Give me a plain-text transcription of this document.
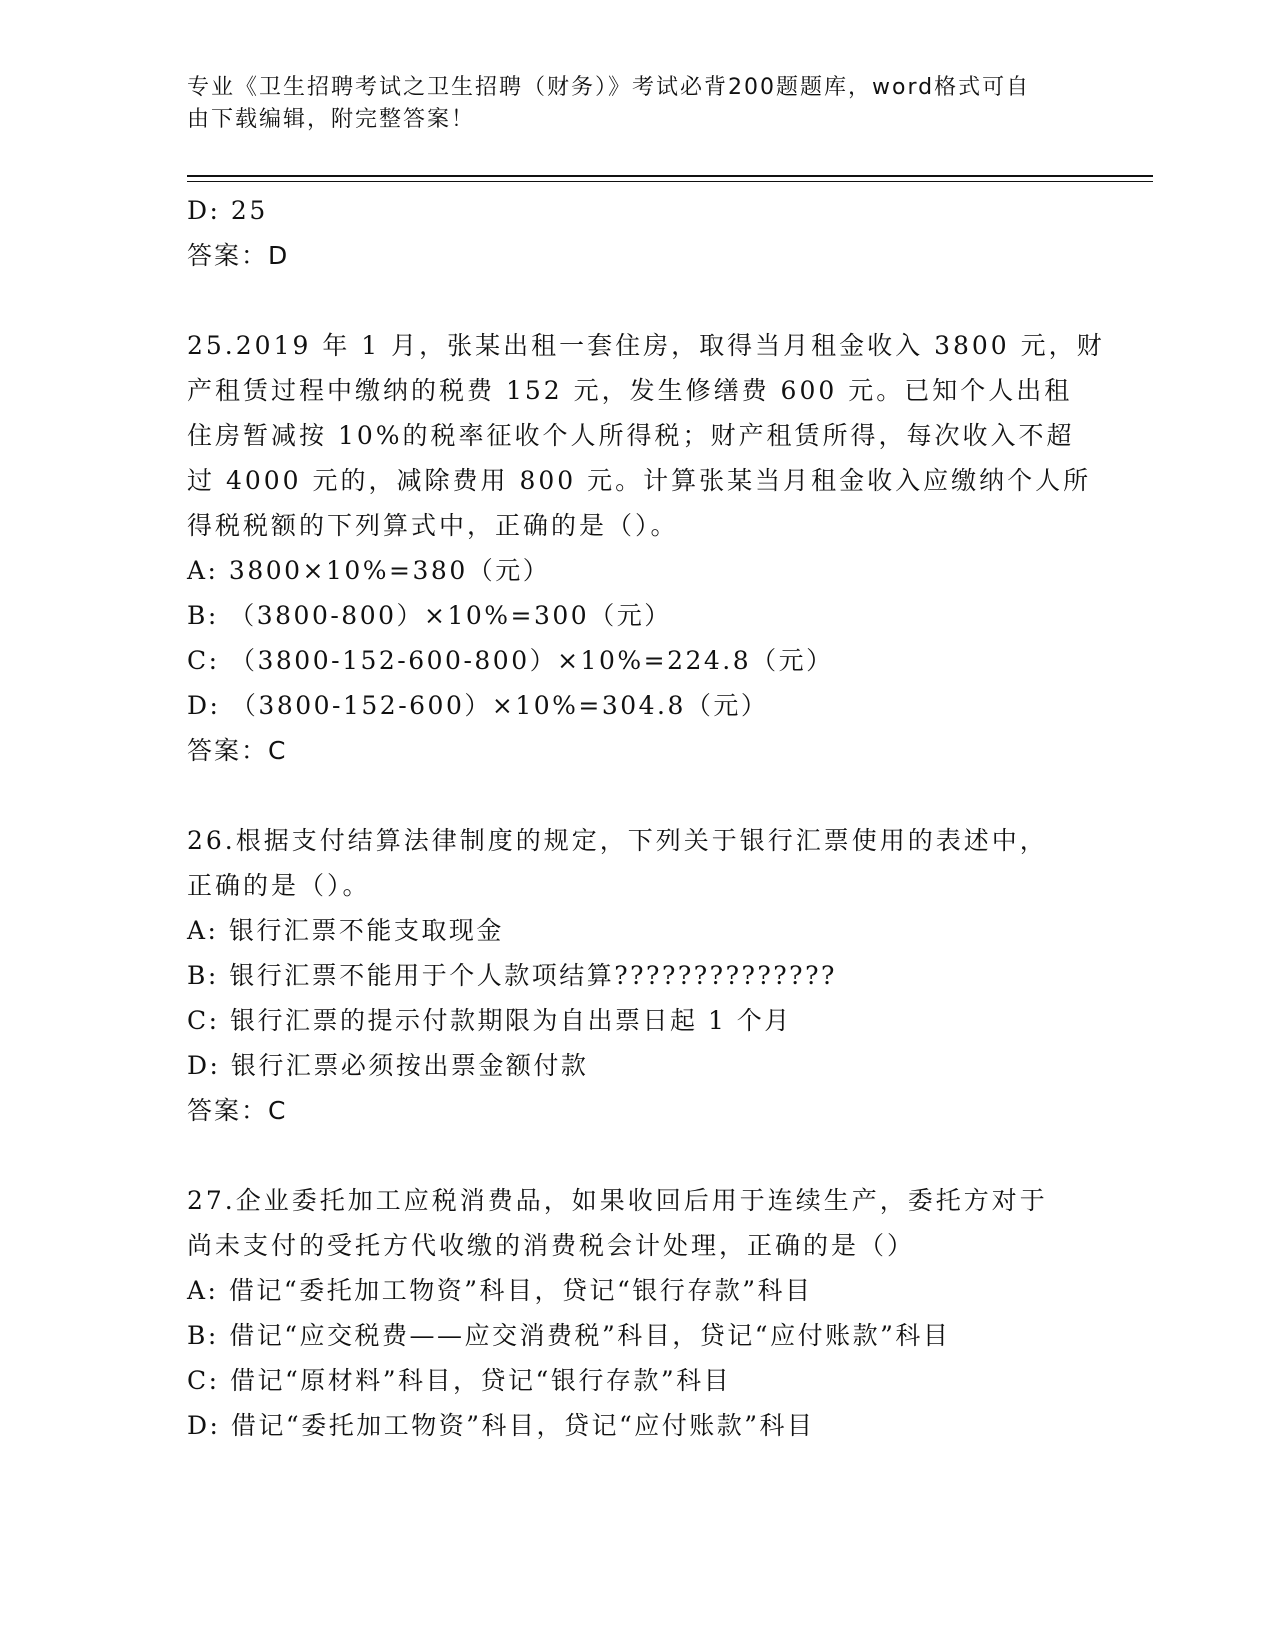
专业《卫生招聘考试之卫生招聘（财务）》考试必背200题题库，word格式可自
由下载编辑，附完整答案！
D: 25
答案：D
25.2019 年 1 月，张某出租一套住房，取得当月租金收入 3800 元，财
产租赁过程中缴纳的税费 152 元，发生修缮费 600 元。已知个人出租
住房暂减按 10%的税率征收个人所得税；财产租赁所得，每次收入不超
过 4000 元的，减除费用 800 元。计算张某当月租金收入应缴纳个人所
得税税额的下列算式中，正确的是（）。
A: 3800×10%=380（元）
B: （3800-800）×10%=300（元）
C: （3800-152-600-800）×10%=224.8（元）
D: （3800-152-600）×10%=304.8（元）
答案：C
26.根据支付结算法律制度的规定，下列关于银行汇票使用的表述中，
正确的是（）。
A: 银行汇票不能支取现金
B: 银行汇票不能用于个人款项结算??????????????
C: 银行汇票的提示付款期限为自出票日起 1 个月
D: 银行汇票必须按出票金额付款
答案：C
27.企业委托加工应税消费品，如果收回后用于连续生产，委托方对于
尚未支付的受托方代收缴的消费税会计处理，正确的是（）
A: 借记“委托加工物资”科目，贷记“银行存款”科目
B: 借记“应交税费——应交消费税”科目，贷记“应付账款”科目
C: 借记“原材料”科目，贷记“银行存款”科目
D: 借记“委托加工物资”科目，贷记“应付账款”科目
